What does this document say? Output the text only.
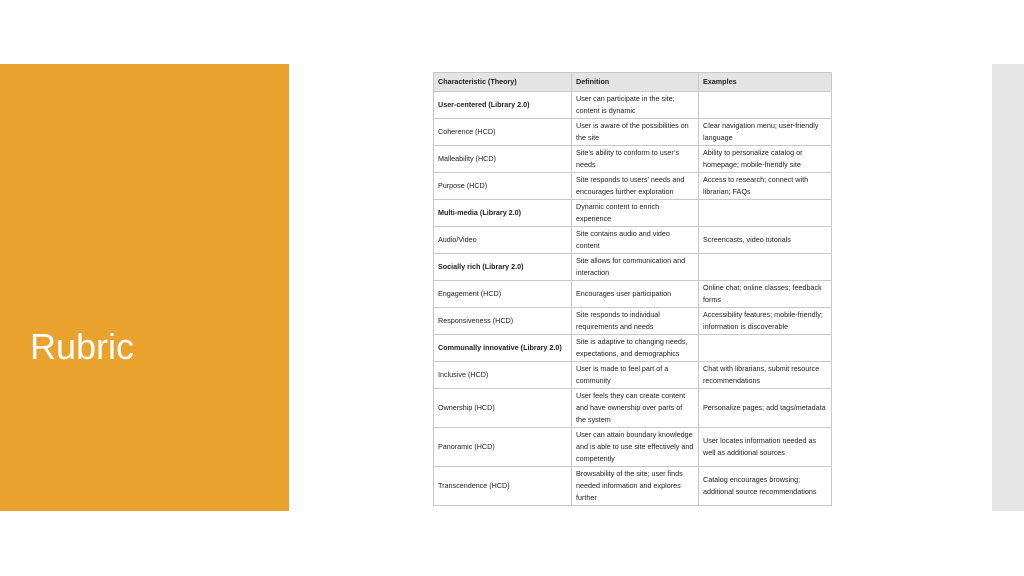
Rubric
Characteristic (Theory)	Definition	Examples
User-centered (Library 2.0)	User can participate in the site; content is dynamic	
Coherence (HCD)	User is aware of the possibilities on the site	Clear navigation menu; user-friendly language
Malleability (HCD)	Site’s ability to conform to user’s needs	Ability to personalize catalog or homepage; mobile-friendly site
Purpose (HCD)	Site responds to users’ needs and encourages further exploration	Access to research; connect with librarian; FAQs
Multi-media (Library 2.0)	Dynamic content to enrich experience	
Audio/Video	Site contains audio and video content	Screencasts, video tutorials
Socially rich (Library 2.0)	Site allows for communication and interaction	
Engagement (HCD)	Encourages user participation	Online chat; online classes; feedback forms
Responsiveness (HCD)	Site responds to individual requirements and needs	Accessibility features; mobile-friendly; information is discoverable
Communally innovative (Library 2.0)	Site is adaptive to changing needs, expectations, and demographics	
Inclusive (HCD)	User is made to feel part of a community	Chat with librarians, submit resource recommendations
Ownership (HCD)	User feels they can create content and have ownership over parts of the system	Personalize pages; add tags/metadata
Panoramic (HCD)	User can attain boundary knowledge and is able to use site effectively and competently	User locates information needed as well as additional sources
Transcendence (HCD)	Browsability of the site; user finds needed information and explores further	Catalog encourages browsing; additional source recommendations
